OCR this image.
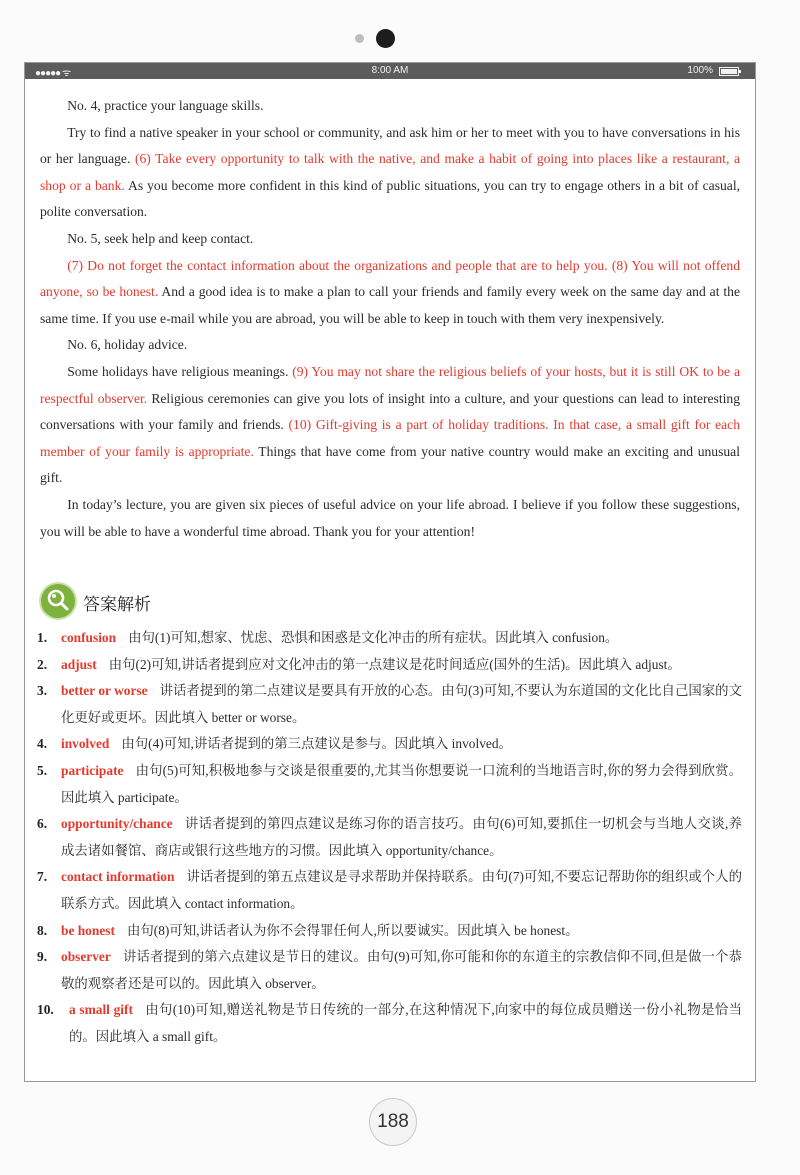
●●●●● ᯤ	8:00 AM	100%

No. 4, practice your language skills.

Try to find a native speaker in your school or community, and ask him or her to meet with you to have conversations in his or her language. (6) Take every opportunity to talk with the native, and make a habit of going into places like a restaurant, a shop or a bank. As you become more confident in this kind of public situations, you can try to engage others in a bit of casual, polite conversation.

No. 5, seek help and keep contact.

(7) Do not forget the contact information about the organizations and people that are to help you. (8) You will not offend anyone, so be honest. And a good idea is to make a plan to call your friends and family every week on the same day and at the same time. If you use e-mail while you are abroad, you will be able to keep in touch with them very inexpensively.

No. 6, holiday advice.

Some holidays have religious meanings. (9) You may not share the religious beliefs of your hosts, but it is still OK to be a respectful observer. Religious ceremonies can give you lots of insight into a culture, and your questions can lead to interesting conversations with your family and friends. (10) Gift-giving is a part of holiday traditions. In that case, a small gift for each member of your family is appropriate. Things that have come from your native country would make an exciting and unusual gift.

In today’s lecture, you are given six pieces of useful advice on your life abroad. I believe if you follow these suggestions, you will be able to have a wonderful time abroad. Thank you for your attention!

答案解析
1.	confusion 由句(1)可知,想家、忧虑、恐惧和困惑是文化冲击的所有症状。因此填入 confusion。
2.	adjust 由句(2)可知,讲话者提到应对文化冲击的第一点建议是花时间适应(国外的生活)。因此填入 adjust。
3.	better or worse 讲话者提到的第二点建议是要具有开放的心态。由句(3)可知,不要认为东道国的文化比自己国家的文化更好或更坏。因此填入 better or worse。
4.	involved 由句(4)可知,讲话者提到的第三点建议是参与。因此填入 involved。
5.	participate 由句(5)可知,积极地参与交谈是很重要的,尤其当你想要说一口流利的当地语言时,你的努力会得到欣赏。因此填入 participate。
6.	opportunity/chance 讲话者提到的第四点建议是练习你的语言技巧。由句(6)可知,要抓住一切机会与当地人交谈,养成去诸如餐馆、商店或银行这些地方的习惯。因此填入 opportunity/chance。
7.	contact information 讲话者提到的第五点建议是寻求帮助并保持联系。由句(7)可知,不要忘记帮助你的组织或个人的联系方式。因此填入 contact information。
8.	be honest 由句(8)可知,讲话者认为你不会得罪任何人,所以要诚实。因此填入 be honest。
9.	observer 讲话者提到的第六点建议是节日的建议。由句(9)可知,你可能和你的东道主的宗教信仰不同,但是做一个恭敬的观察者还是可以的。因此填入 observer。
10.	a small gift 由句(10)可知,赠送礼物是节日传统的一部分,在这种情况下,向家中的每位成员赠送一份小礼物是恰当的。因此填入 a small gift。
188
